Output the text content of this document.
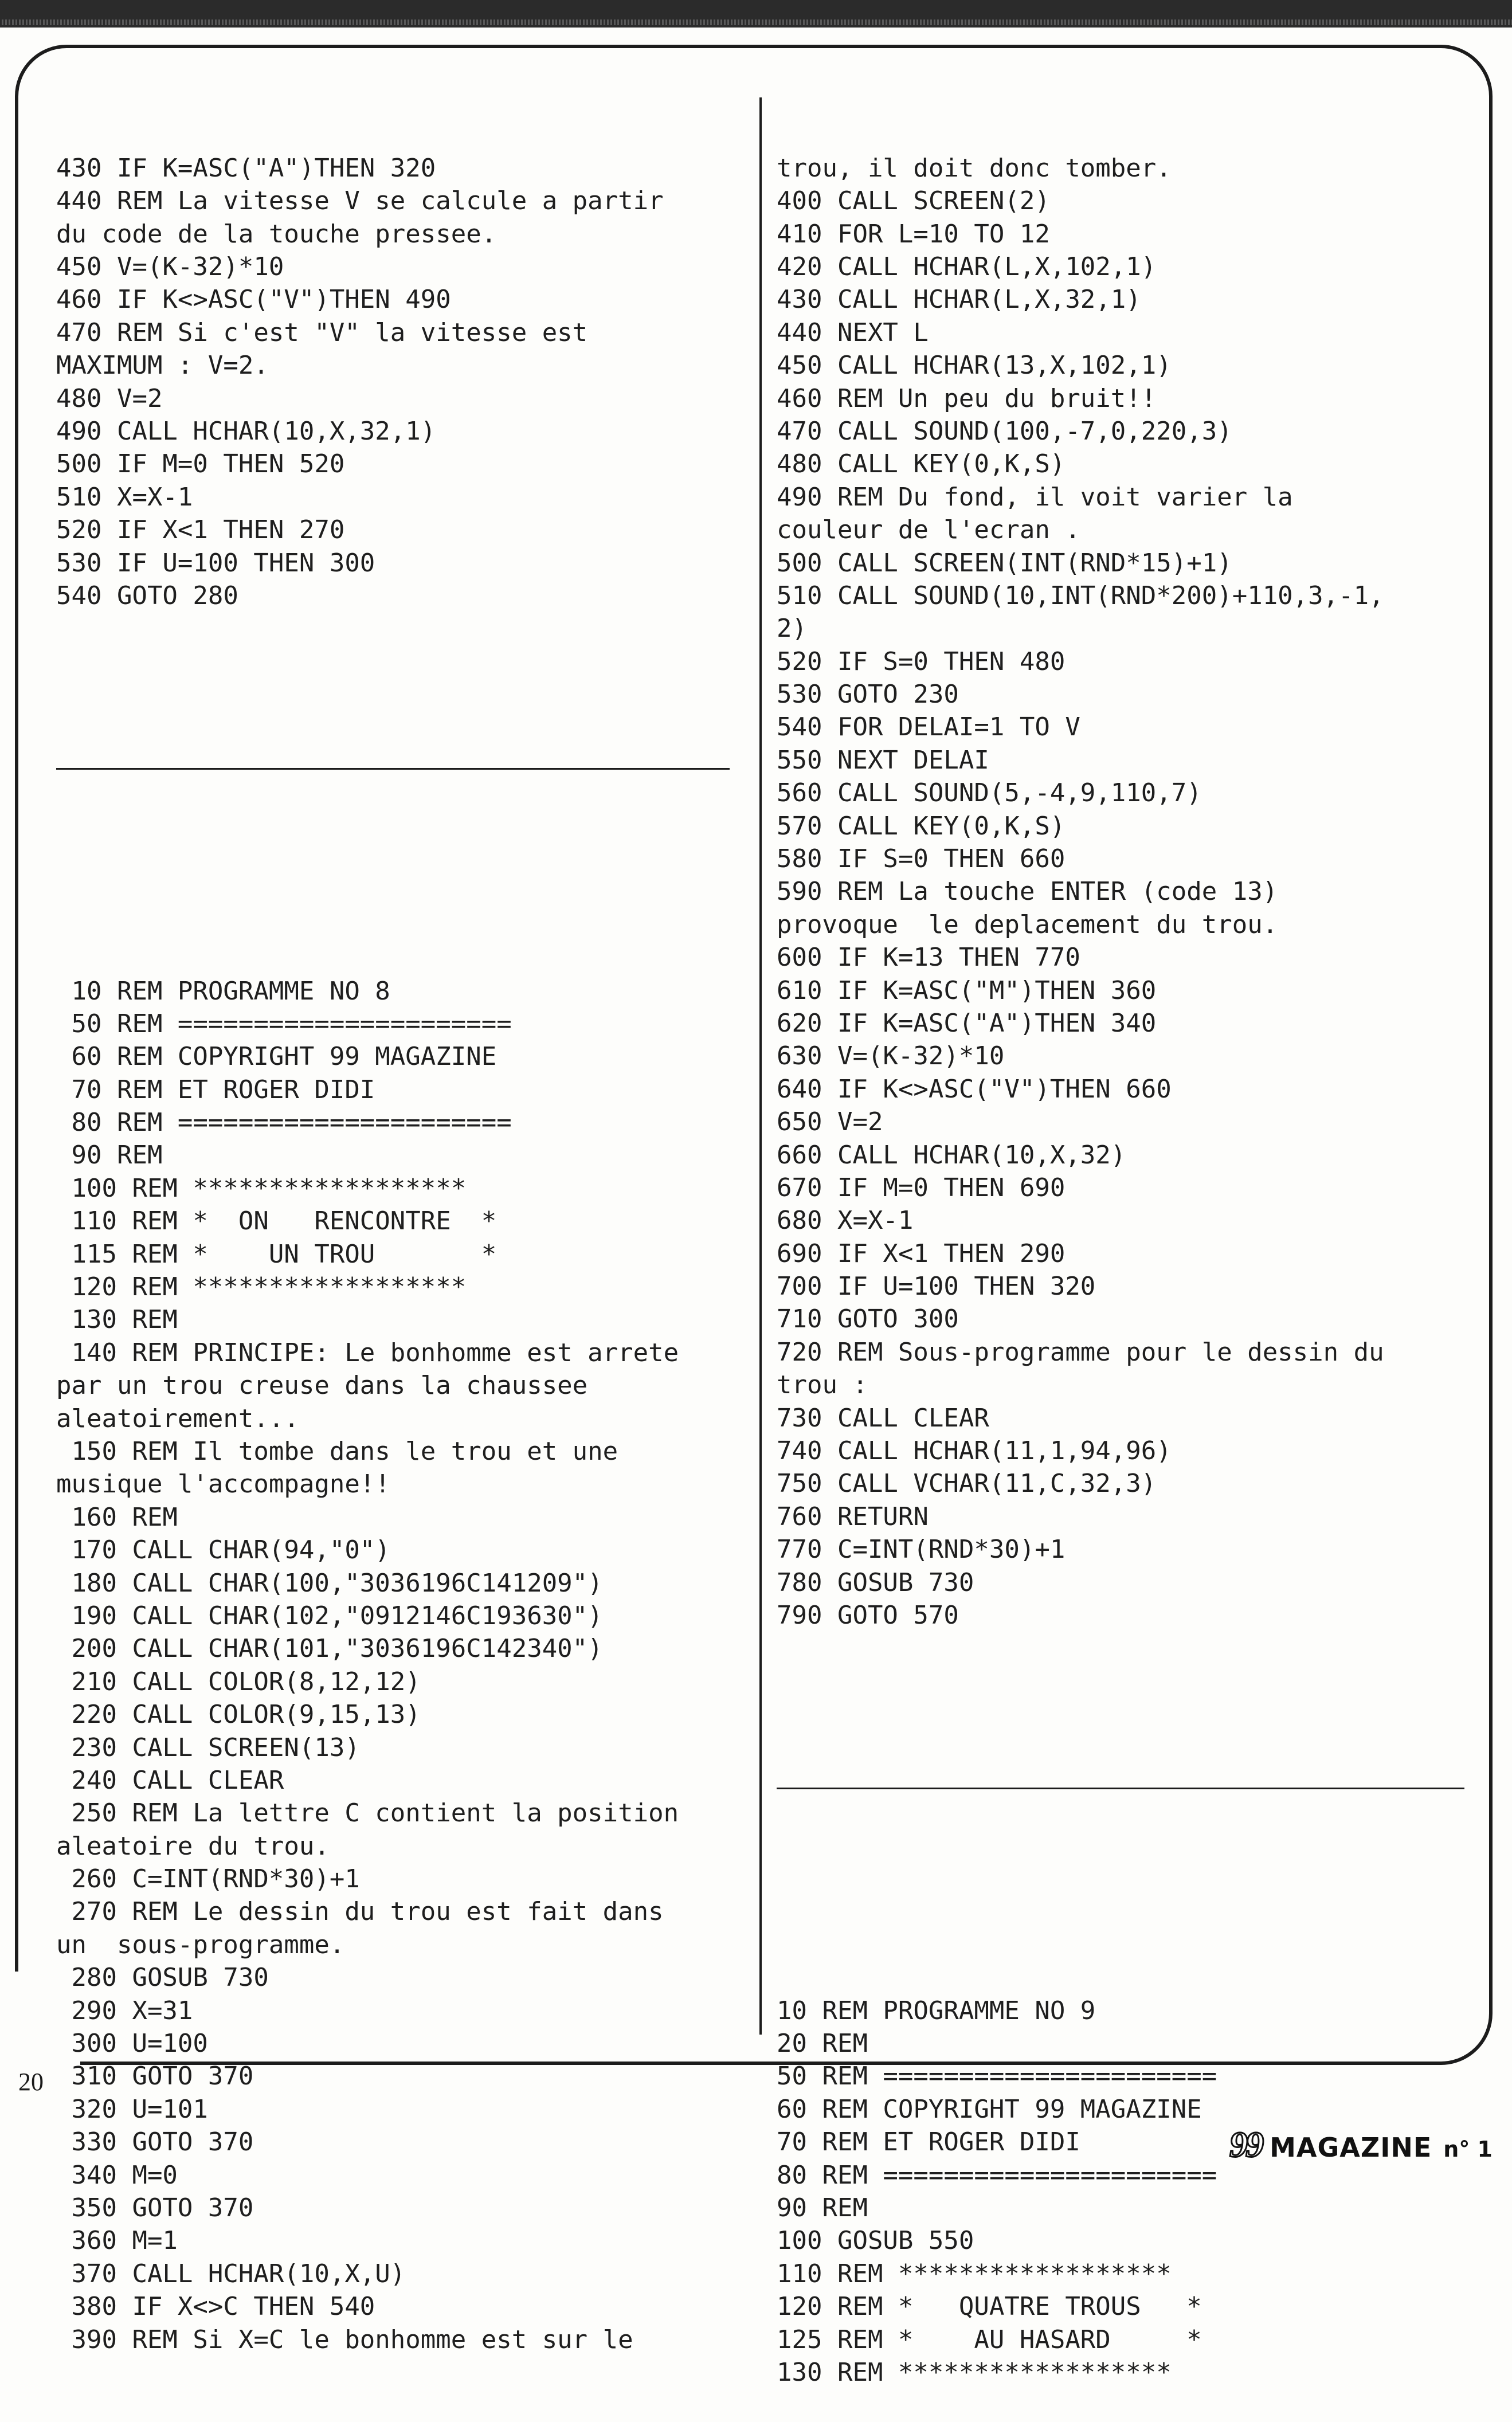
430 IF K=ASC("A")THEN 320
440 REM La vitesse V se calcule a partir
du code de la touche pressee.
450 V=(K-32)*10
460 IF K<>ASC("V")THEN 490
470 REM Si c'est "V" la vitesse est
MAXIMUM : V=2.
480 V=2
490 CALL HCHAR(10,X,32,1)
500 IF M=0 THEN 520
510 X=X-1
520 IF X<1 THEN 270
530 IF U=100 THEN 300
540 GOTO 280

10 REM PROGRAMME NO 8
50 REM ======================
60 REM COPYRIGHT 99 MAGAZINE
70 REM ET ROGER DIDI
80 REM ======================
90 REM
100 REM ******************
110 REM *  ON   RENCONTRE  *
115 REM *    UN TROU       *
120 REM ******************
130 REM
140 REM PRINCIPE: Le bonhomme est arrete
par un trou creuse dans la chaussee
aleatoirement...
150 REM Il tombe dans le trou et une
musique l'accompagne!!
160 REM
170 CALL CHAR(94,"0")
180 CALL CHAR(100,"3036196C141209")
190 CALL CHAR(102,"0912146C193630")
200 CALL CHAR(101,"3036196C142340")
210 CALL COLOR(8,12,12)
220 CALL COLOR(9,15,13)
230 CALL SCREEN(13)
240 CALL CLEAR
250 REM La lettre C contient la position
aleatoire du trou.
260 C=INT(RND*30)+1
270 REM Le dessin du trou est fait dans
un  sous-programme.
280 GOSUB 730
290 X=31
300 U=100
310 GOTO 370
320 U=101
330 GOTO 370
340 M=0
350 GOTO 370
360 M=1
370 CALL HCHAR(10,X,U)
380 IF X<>C THEN 540
390 REM Si X=C le bonhomme est sur le

trou, il doit donc tomber.
400 CALL SCREEN(2)
410 FOR L=10 TO 12
420 CALL HCHAR(L,X,102,1)
430 CALL HCHAR(L,X,32,1)
440 NEXT L
450 CALL HCHAR(13,X,102,1)
460 REM Un peu du bruit!!
470 CALL SOUND(100,-7,0,220,3)
480 CALL KEY(0,K,S)
490 REM Du fond, il voit varier la
couleur de l'ecran .
500 CALL SCREEN(INT(RND*15)+1)
510 CALL SOUND(10,INT(RND*200)+110,3,-1,
2)
520 IF S=0 THEN 480
530 GOTO 230
540 FOR DELAI=1 TO V
550 NEXT DELAI
560 CALL SOUND(5,-4,9,110,7)
570 CALL KEY(0,K,S)
580 IF S=0 THEN 660
590 REM La touche ENTER (code 13)
provoque  le deplacement du trou.
600 IF K=13 THEN 770
610 IF K=ASC("M")THEN 360
620 IF K=ASC("A")THEN 340
630 V=(K-32)*10
640 IF K<>ASC("V")THEN 660
650 V=2
660 CALL HCHAR(10,X,32)
670 IF M=0 THEN 690
680 X=X-1
690 IF X<1 THEN 290
700 IF U=100 THEN 320
710 GOTO 300
720 REM Sous-programme pour le dessin du
trou :
730 CALL CLEAR
740 CALL HCHAR(11,1,94,96)
750 CALL VCHAR(11,C,32,3)
760 RETURN
770 C=INT(RND*30)+1
780 GOSUB 730
790 GOTO 570

10 REM PROGRAMME NO 9
20 REM
50 REM ======================
60 REM COPYRIGHT 99 MAGAZINE
70 REM ET ROGER DIDI
80 REM ======================
90 REM
100 GOSUB 550
110 REM ******************
120 REM *   QUATRE TROUS   *
125 REM *    AU HASARD     *
130 REM ******************

20
99 MAGAZINE n° 1
